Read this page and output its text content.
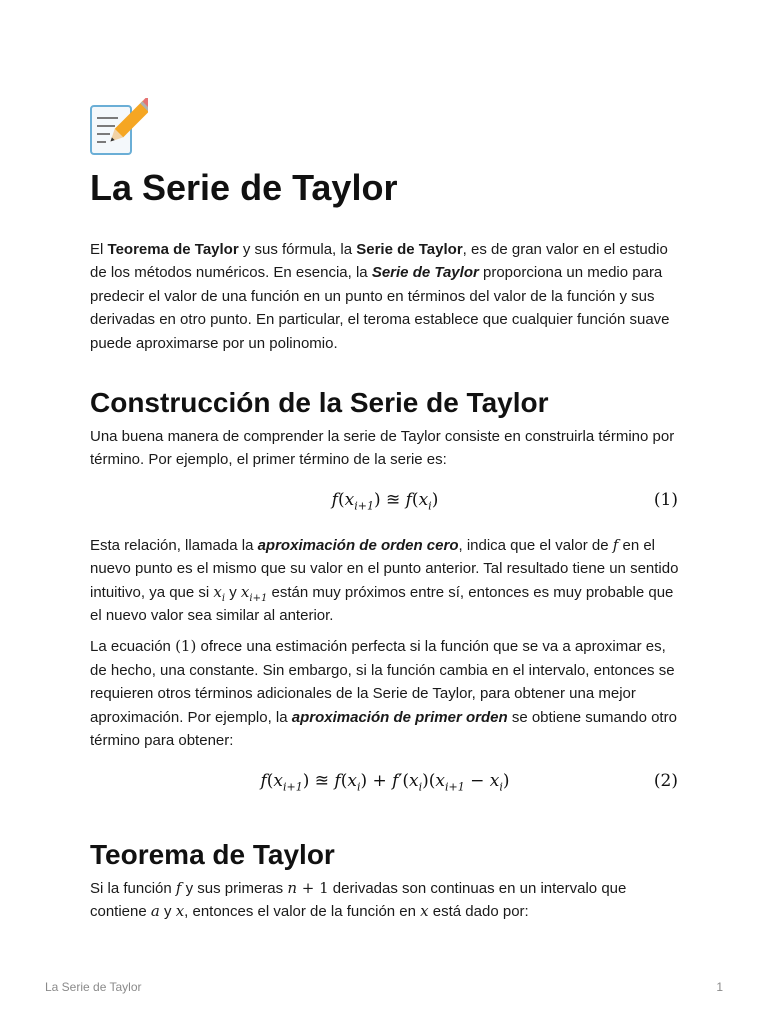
La Serie de Taylor

El Teorema de Taylor y sus fórmula, la Serie de Taylor, es de gran valor en el estudio de los métodos numéricos. En esencia, la Serie de Taylor proporciona un medio para predecir el valor de una función en un punto en términos del valor de la función y sus derivadas en otro punto. En particular, el teroma establece que cualquier función suave puede aproximarse por un polinomio.

Construcción de la Serie de Taylor

Una buena manera de comprender la serie de Taylor consiste en construirla término por término. Por ejemplo, el primer término de la serie es:

$f(x_{i+1})$ ≊ $f(x_i)$	(1)

Esta relación, llamada la aproximación de orden cero, indica que el valor de f en el nuevo punto es el mismo que su valor en el punto anterior. Tal resultado tiene un sentido intuitivo, ya que si $x_i$ y $x_{i+1}$ están muy próximos entre sí, entonces es muy probable que el nuevo valor sea similar al anterior.

La ecuación (1) ofrece una estimación perfecta si la función que se va a aproximar es, de hecho, una constante. Sin embargo, si la función cambia en el intervalo, entonces se requieren otros términos adicionales de la Serie de Taylor, para obtener una mejor aproximación. Por ejemplo, la aproximación de primer orden se obtiene sumando otro término para obtener:

$f(x_{i+1})$ ≊ $f(x_i) + f'(x_i)(x_{i+1} - x_i)$	(2)
Teorema de Taylor

Si la función f y sus primeras n + 1 derivadas son continuas en un intervalo que contiene a y x, entonces el valor de la función en x está dado por:

La Serie de Taylor	1
